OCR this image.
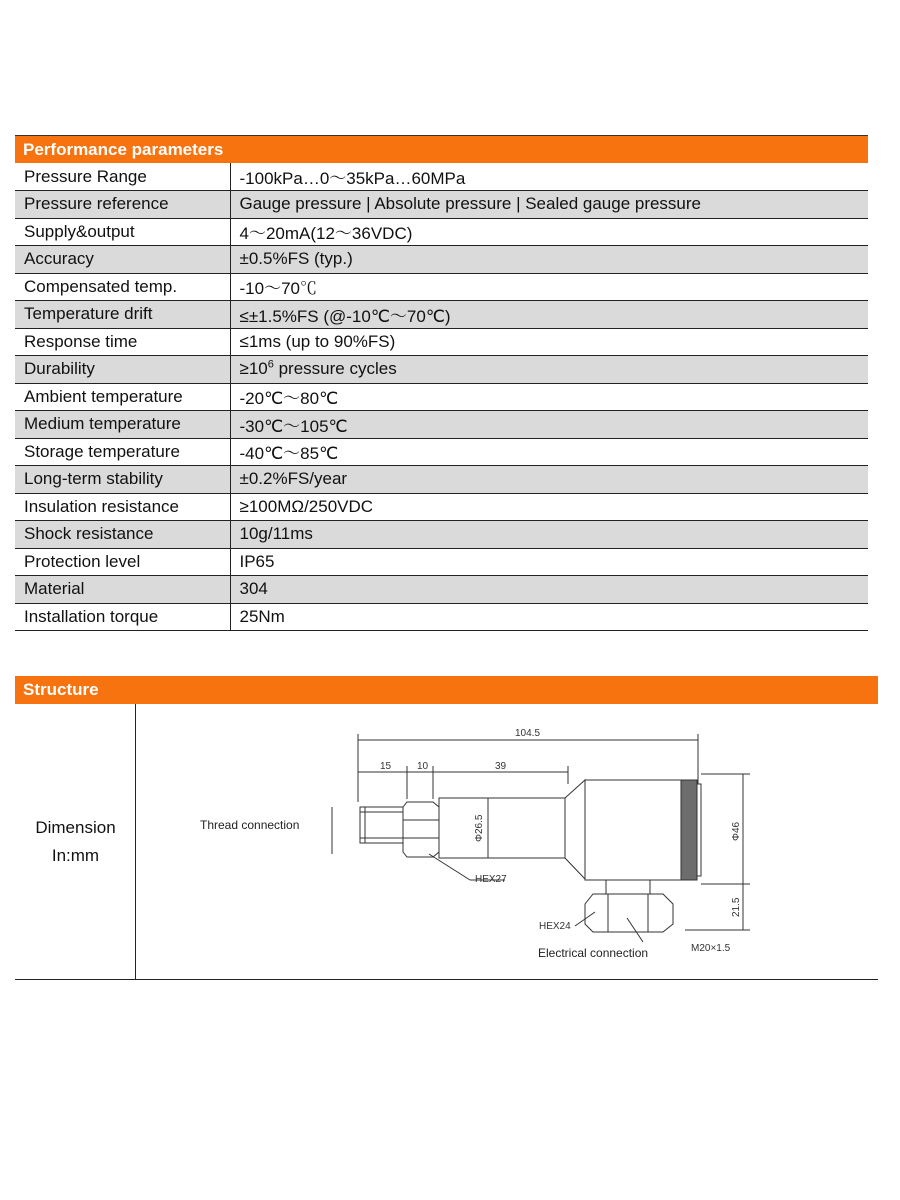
Performance parameters
Pressure Range	-100kPa…0～35kPa…60MPa
Pressure reference	Gauge pressure | Absolute pressure | Sealed gauge pressure
Supply&output	4～20mA(12～36VDC)
Accuracy	±0.5%FS (typ.)
Compensated temp.	-10～70℃
Temperature drift	≤±1.5%FS (@-10℃～70℃)
Response time	≤1ms (up to 90%FS)
Durability	$\ge 10^6$ pressure cycles
Ambient temperature	-20℃～80℃
Medium temperature	-30℃～105℃
Storage temperature	-40℃～85℃
Long-term stability	±0.2%FS/year
Insulation resistance	≥100MΩ/250VDC
Shock resistance	10g/11ms
Protection level	IP65
Material	304
Installation torque	25Nm
Structure
Dimension
In:mm
104.5
15	10	39
Φ26.5	Φ46
21.5
HEX27
HEX24
M20×1.5
Thread connection
Electrical connection
